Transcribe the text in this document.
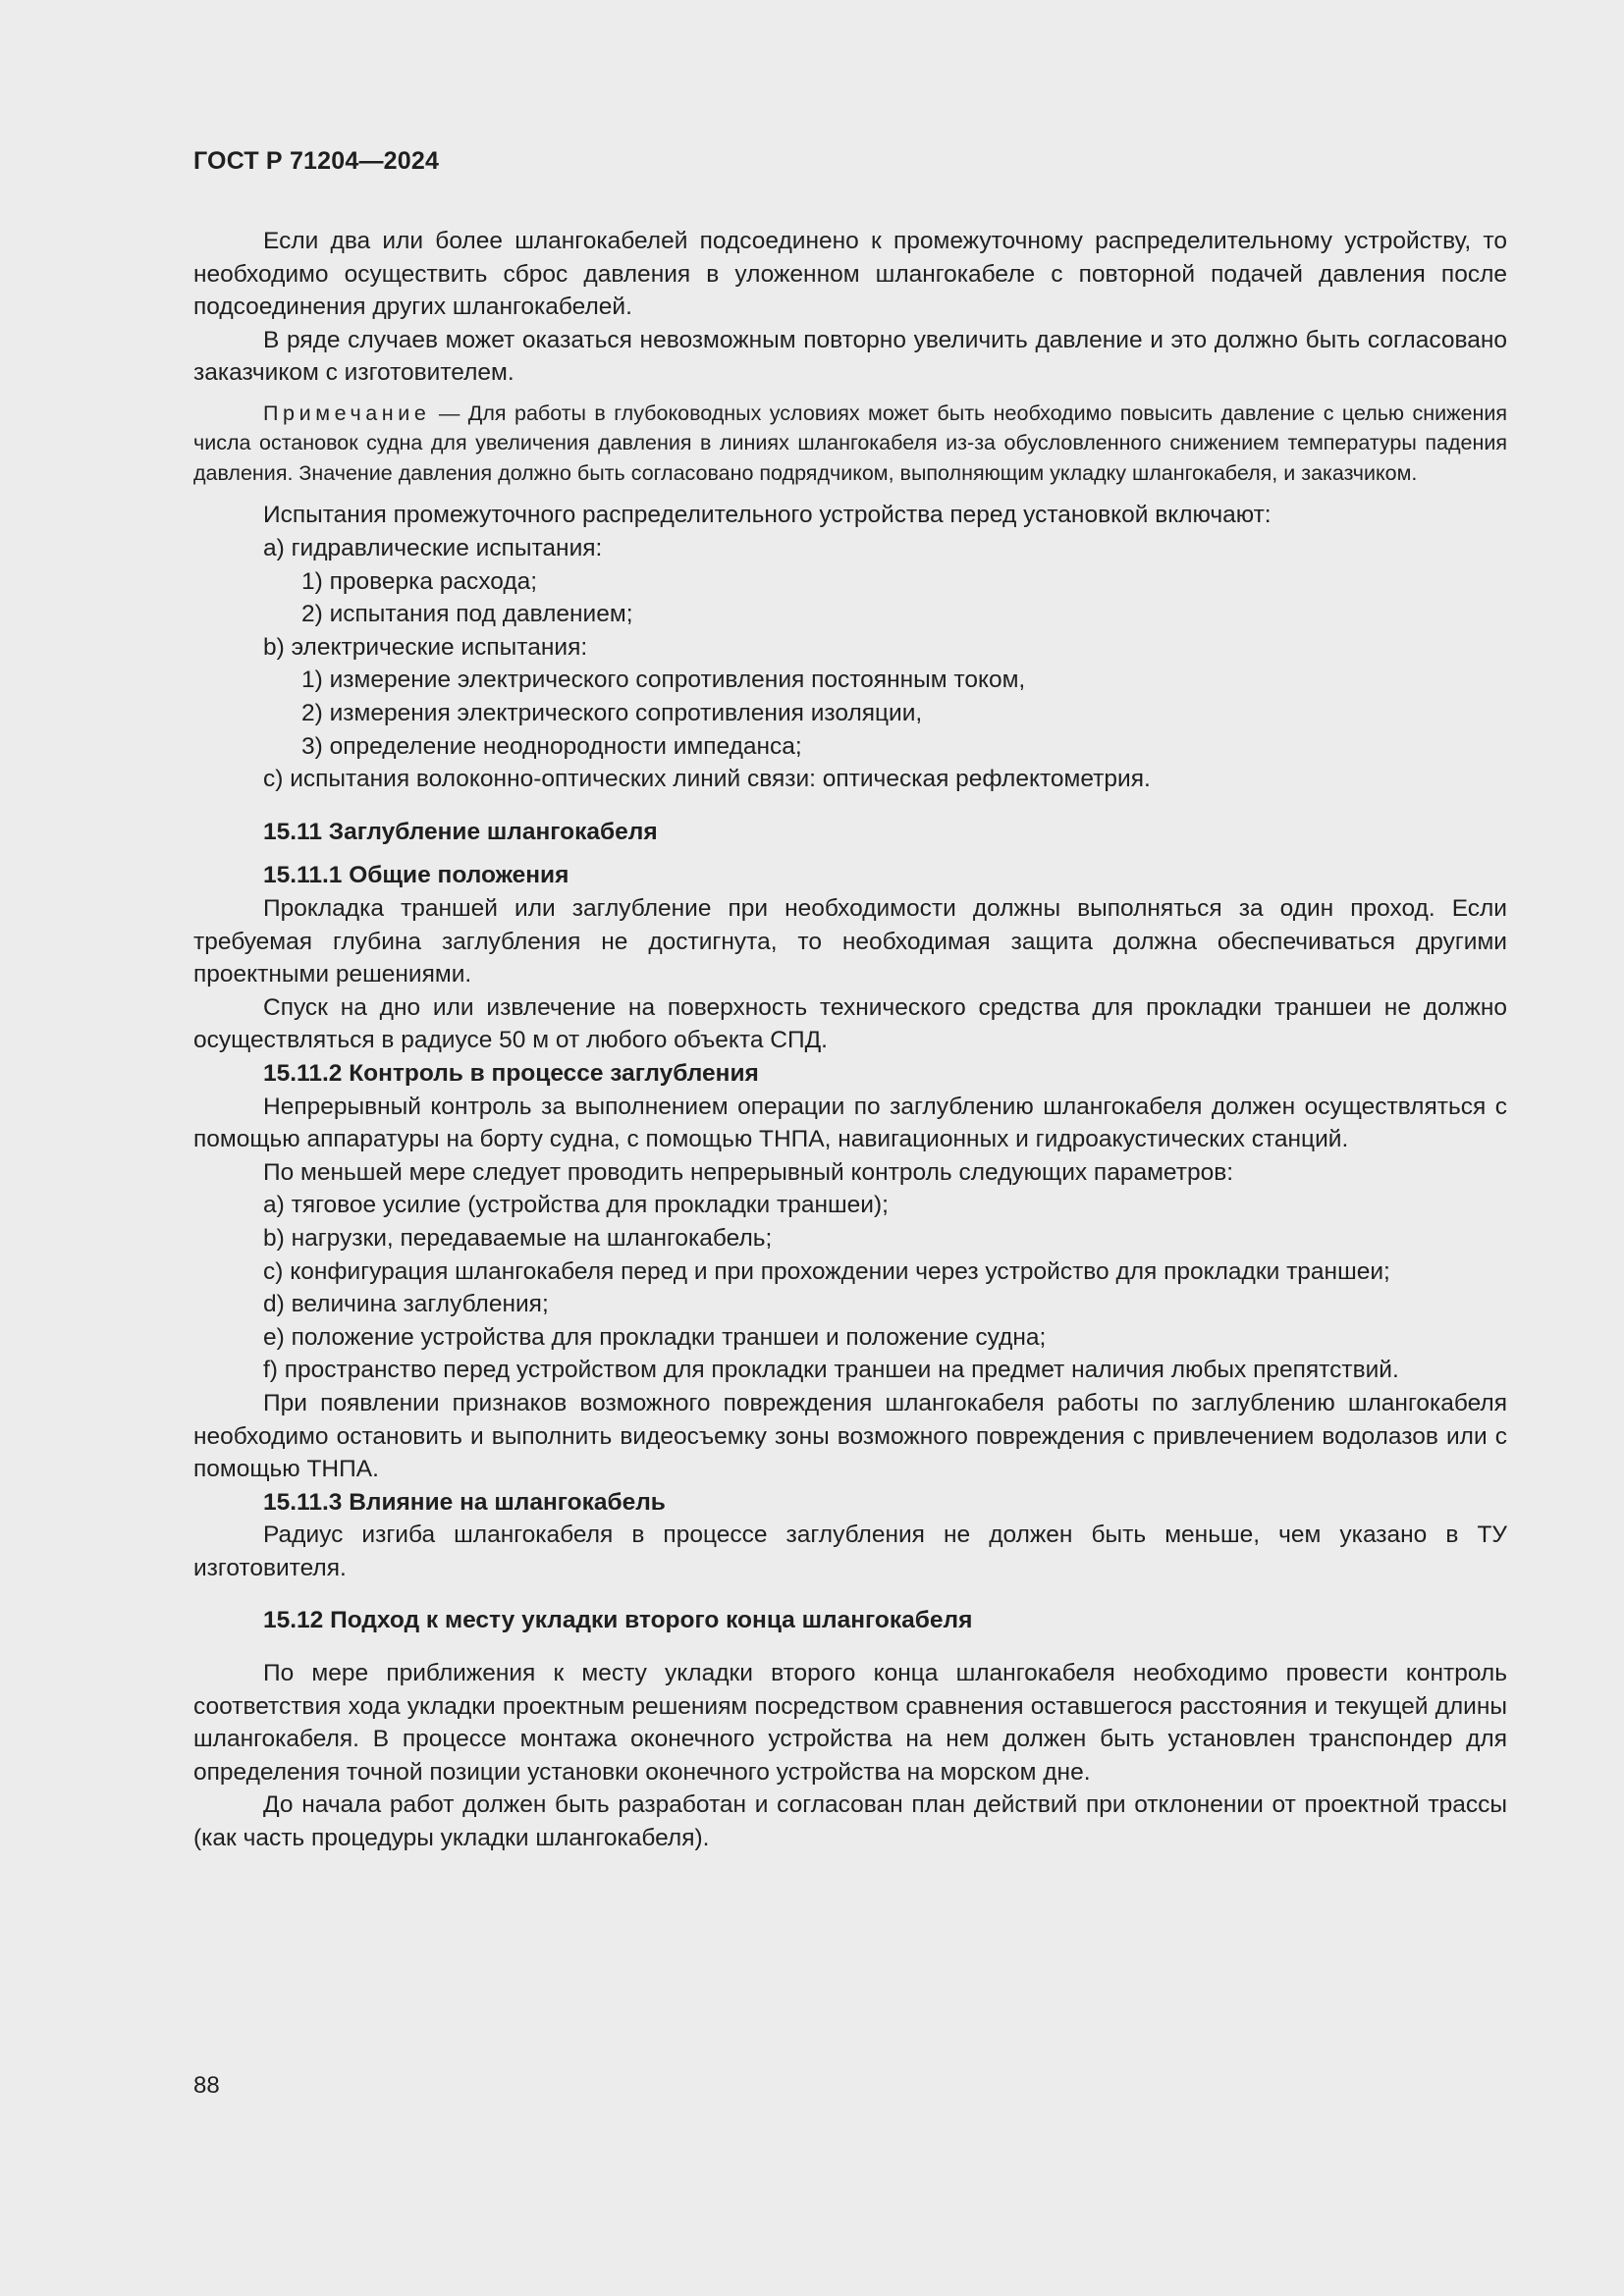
ГОСТ Р 71204—2024

Если два или более шлангокабелей подсоединено к промежуточному распределительному устройству, то необходимо осуществить сброс давления в уложенном шлангокабеле с повторной подачей давления после подсоединения других шлангокабелей.

В ряде случаев может оказаться невозможным повторно увеличить давление и это должно быть согласовано заказчиком с изготовителем.

Примечание — Для работы в глубоководных условиях может быть необходимо повысить давление с целью снижения числа остановок судна для увеличения давления в линиях шлангокабеля из-за обусловленного снижением температуры падения давления. Значение давления должно быть согласовано подрядчиком, выполняющим укладку шлангокабеля, и заказчиком.

Испытания промежуточного распределительного устройства перед установкой включают:

а) гидравлические испытания:
1) проверка расхода;
2) испытания под давлением;
b) электрические испытания:
1) измерение электрического сопротивления постоянным током,
2) измерения электрического сопротивления изоляции,
3) определение неоднородности импеданса;
с) испытания волоконно-оптических линий связи: оптическая рефлектометрия.
15.11 Заглубление шлангокабеля
15.11.1 Общие положения

Прокладка траншей или заглубление при необходимости должны выполняться за один проход. Если требуемая глубина заглубления не достигнута, то необходимая защита должна обеспечиваться другими проектными решениями.

Спуск на дно или извлечение на поверхность технического средства для прокладки траншеи не должно осуществляться в радиусе 50 м от любого объекта СПД.

15.11.2 Контроль в процессе заглубления

Непрерывный контроль за выполнением операции по заглублению шлангокабеля должен осуществляться с помощью аппаратуры на борту судна, с помощью ТНПА, навигационных и гидроакустических станций.

По меньшей мере следует проводить непрерывный контроль следующих параметров:

а) тяговое усилие (устройства для прокладки траншеи);

b) нагрузки, передаваемые на шлангокабель;

с) конфигурация шлангокабеля перед и при прохождении через устройство для прокладки траншеи;

d) величина заглубления;

е) положение устройства для прокладки траншеи и положение судна;

f) пространство перед устройством для прокладки траншеи на предмет наличия любых препятствий.

При появлении признаков возможного повреждения шлангокабеля работы по заглублению шлангокабеля необходимо остановить и выполнить видеосъемку зоны возможного повреждения с привлечением водолазов или с помощью ТНПА.

15.11.3 Влияние на шлангокабель

Радиус изгиба шлангокабеля в процессе заглубления не должен быть меньше, чем указано в ТУ изготовителя.

15.12 Подход к месту укладки второго конца шлангокабеля

По мере приближения к месту укладки второго конца шлангокабеля необходимо провести контроль соответствия хода укладки проектным решениям посредством сравнения оставшегося расстояния и текущей длины шлангокабеля. В процессе монтажа оконечного устройства на нем должен быть установлен транспондер для определения точной позиции установки оконечного устройства на морском дне.

До начала работ должен быть разработан и согласован план действий при отклонении от проектной трассы (как часть процедуры укладки шлангокабеля).

88
